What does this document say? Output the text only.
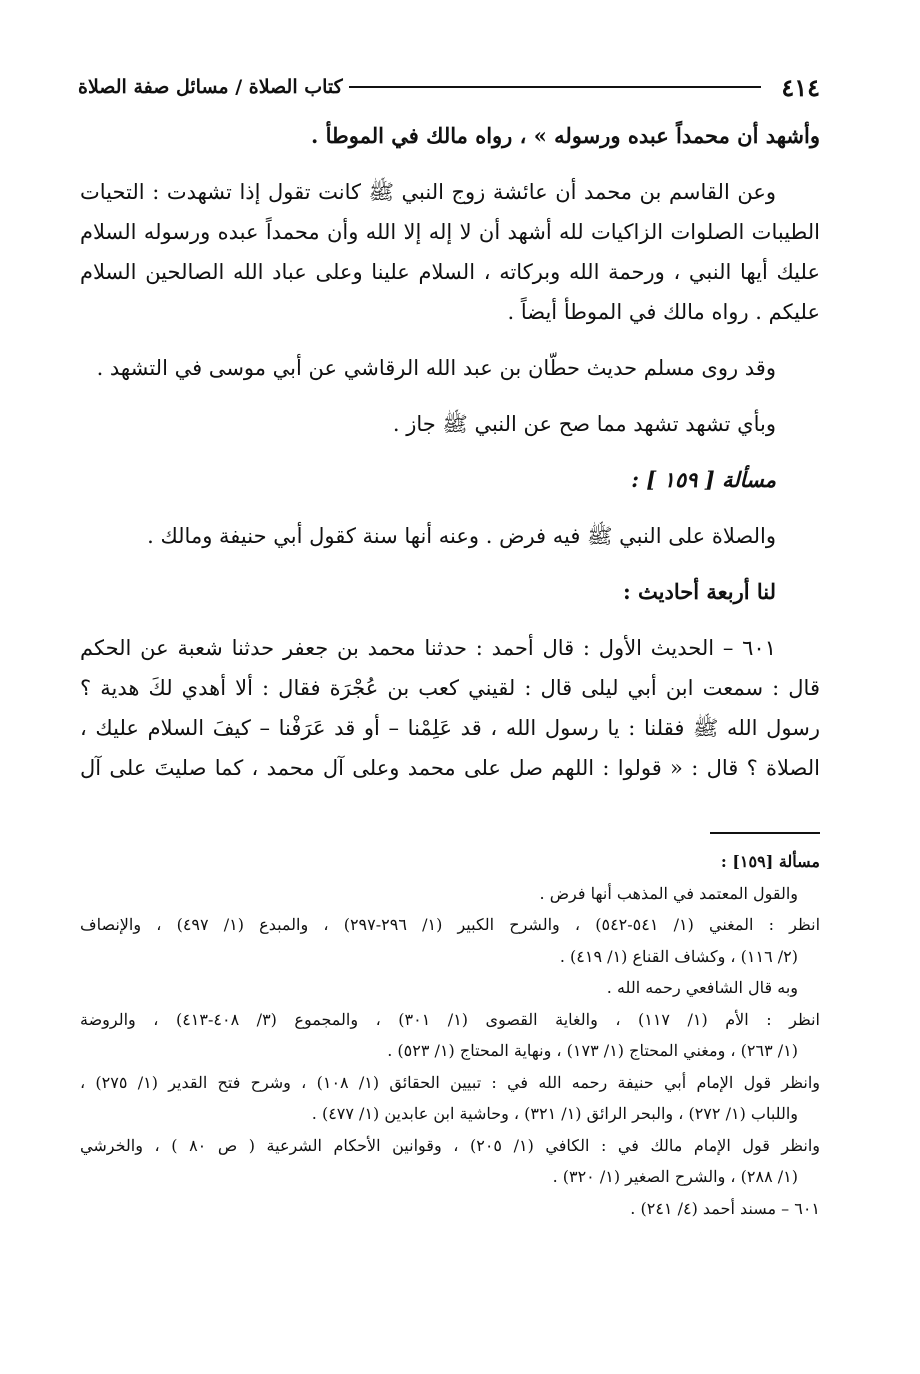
٤١٤
كتاب الصلاة / مسائل صفة الصلاة
وأشهد أن محمداً عبده ورسوله » ، رواه مالك في الموطأ .
وعن القاسم بن محمد أن عائشة زوج النبي ﷺ كانت تقول إذا تشهدت : التحيات
الطيبات الصلوات الزاكيات لله أشهد أن لا إله إلا الله وأن محمداً عبده ورسوله السلام
عليك أيها النبي ، ورحمة الله وبركاته ، السلام علينا وعلى عباد الله الصالحين السلام
عليكم . رواه مالك في الموطأ أيضاً .
وقد روى مسلم حديث حطّان بن عبد الله الرقاشي عن أبي موسى في التشهد .
وبأي تشهد تشهد مما صح عن النبي ﷺ جاز .
مسألة [ ١٥٩ ] :
والصلاة على النبي ﷺ فيه فرض . وعنه أنها سنة كقول أبي حنيفة ومالك .
لنا أربعة أحاديث :
٦٠١ – الحديث الأول : قال أحمد : حدثنا محمد بن جعفر حدثنا شعبة عن الحكم
قال : سمعت ابن أبي ليلى قال : لقيني كعب بن عُجْرَة فقال : ألا أهدي لكَ هدية ؟
رسول الله ﷺ فقلنا : يا رسول الله ، قد عَلِمْنا – أو قد عَرَفْنا – كيفَ السلام عليك ،
الصلاة ؟ قال : « قولوا : اللهم صل على محمد وعلى آل محمد ، كما صليتَ على آل
مسألة [١٥٩] :
والقول المعتمد في المذهب أنها فرض .
انظر : المغني (١/ ٥٤١-٥٤٢) ، والشرح الكبير (١/ ٢٩٦-٢٩٧) ، والمبدع (١/ ٤٩٧) ، والإنصاف
(٢/ ١١٦) ، وكشاف القناع (١/ ٤١٩) .
وبه قال الشافعي رحمه الله .
انظر : الأم (١/ ١١٧) ، والغاية القصوى (١/ ٣٠١) ، والمجموع (٣/ ٤٠٨-٤١٣) ، والروضة
(١/ ٢٦٣) ، ومغني المحتاج (١/ ١٧٣) ، ونهاية المحتاج (١/ ٥٢٣) .
وانظر قول الإمام أبي حنيفة رحمه الله في : تبيين الحقائق (١/ ١٠٨) ، وشرح فتح القدير (١/ ٢٧٥) ،
واللباب (١/ ٢٧٢) ، والبحر الرائق (١/ ٣٢١) ، وحاشية ابن عابدين (١/ ٤٧٧) .
وانظر قول الإمام مالك في : الكافي (١/ ٢٠٥) ، وقوانين الأحكام الشرعية ( ص ٨٠ ) ، والخرشي
(١/ ٢٨٨) ، والشرح الصغير (١/ ٣٢٠) .
٦٠١ – مسند أحمد (٤/ ٢٤١) .
